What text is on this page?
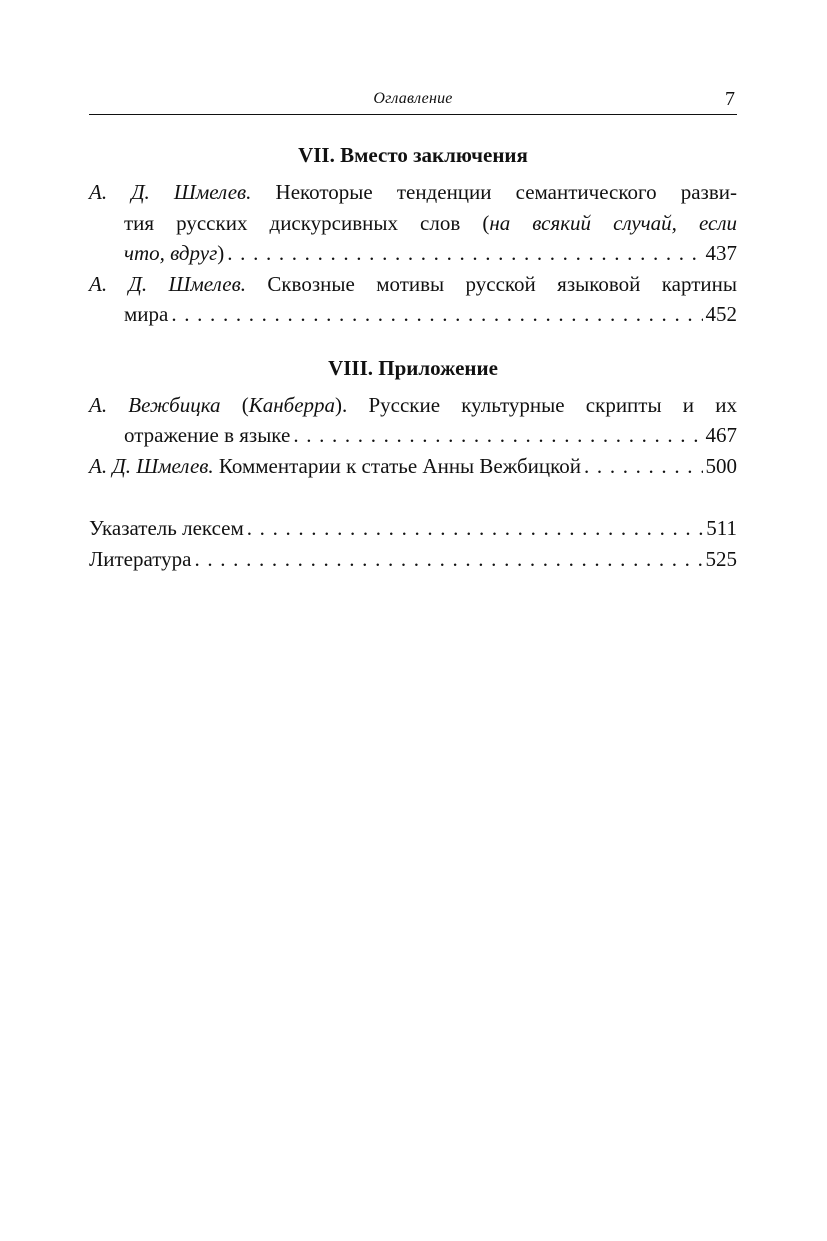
Оглавление	7
VII. Вместо заключения
А. Д. Шмелев. Некоторые тенденции семантического разви-
тия русских дискурсивных слов (на всякий случай, если
что, вдруг) . . .	437
А. Д. Шмелев. Сквозные мотивы русской языковой картины
мира . . .	452
VIII. Приложение
А. Вежбицка (Канберра). Русские культурные скрипты и их
отражение в языке . . .	467
А. Д. Шмелев. Комментарии к статье Анны Вежбицкой . . .	500
Указатель лексем . . .	511
Литература . . .	525
